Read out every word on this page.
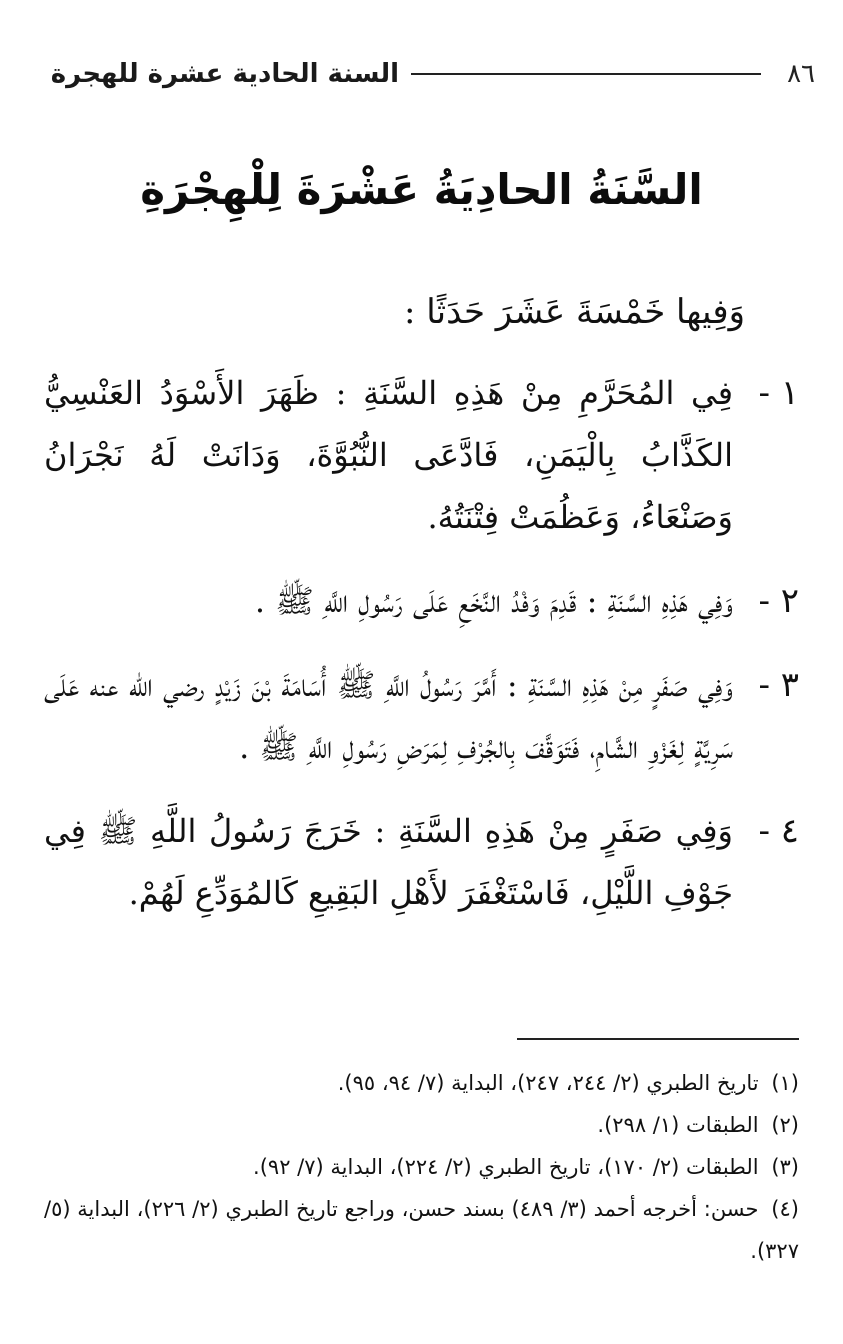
٨٦
السنة الحادية عشرة للهجرة
السَّنَةُ الحادِيَةُ عَشْرَةَ لِلْهِجْرَةِ
وَفِيها خَمْسَةَ عَشَرَ حَدَثًا :
١ -
فِي المُحَرَّمِ مِنْ هَذِهِ السَّنَةِ : ظَهَرَ الأَسْوَدُ العَنْسِيُّ الكَذَّابُ بِالْيَمَنِ، فَادَّعَى النُّبُوَّةَ، وَدَانَتْ لَهُ نَجْرَانُ وَصَنْعَاءُ، وَعَظُمَتْ فِتْنَتُهُ.
٢ -
وَفِي هَذِهِ السَّنَةِ : قَدِمَ وَفْدُ النَّخَعِ عَلَى رَسُولِ اللَّهِ ﷺ .
٣ -
وَفِي صَفَرٍ مِنْ هَذِهِ السَّنَةِ : أَمَّرَ رَسُولُ اللَّهِ ﷺ أُسَامَةَ بْنَ زَيْدٍ رضي الله عنه عَلَى سَرِيَّةٍ لِغَزْوِ الشَّامِ، فَتَوَقَّفَ بِالجُرْفِ لِمَرَضِ رَسُولِ اللَّهِ ﷺ .
٤ -
وَفِي صَفَرٍ مِنْ هَذِهِ السَّنَةِ : خَرَجَ رَسُولُ اللَّهِ ﷺ فِي جَوْفِ اللَّيْلِ، فَاسْتَغْفَرَ لأَهْلِ البَقِيعِ كَالمُوَدِّعِ لَهُمْ.
(١) تاريخ الطبري (٢/ ٢٤٤، ٢٤٧)، البداية (٧/ ٩٤، ٩٥).
(٢) الطبقات (١/ ٢٩٨).
(٣) الطبقات (٢/ ١٧٠)، تاريخ الطبري (٢/ ٢٢٤)، البداية (٧/ ٩٢).
(٤) حسن: أخرجه أحمد (٣/ ٤٨٩) بسند حسن، وراجع تاريخ الطبري (٢/ ٢٢٦)، البداية (٥/ ٣٢٧).
